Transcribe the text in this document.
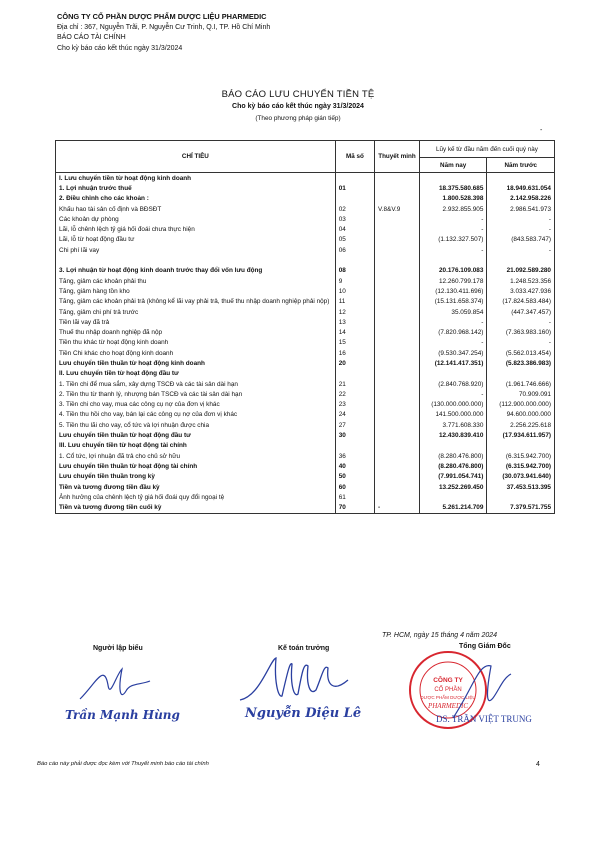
CÔNG TY CỔ PHẦN DƯỢC PHẨM DƯỢC LIỆU PHARMEDIC
Địa chỉ : 367, Nguyễn Trãi, P. Nguyễn Cư Trinh, Q.I, TP. Hồ Chí Minh
BÁO CÁO TÀI CHÍNH
Cho kỳ báo cáo kết thúc ngày 31/3/2024
BÁO CÁO LƯU CHUYỂN TIỀN TỆ
Cho kỳ báo cáo kết thúc ngày 31/3/2024
(Theo phương pháp gián tiếp)
-
CHỈ TIÊU	Mã số	Thuyết minh	Lũy kế từ đầu năm đến cuối quý này	
			Năm nay	Năm trước
I. Lưu chuyển tiền từ hoạt động kinh doanh				
1. Lợi nhuận trước thuế	01		18.375.580.685	18.949.631.054
2. Điều chỉnh cho các khoản :			1.800.528.398	2.142.958.226
Khấu hao tài sản cố định và BĐSĐT	02	V.8&V.9	2.932.855.905	2.986.541.973
Các khoản dự phòng	03		-	-
Lãi, lỗ chênh lệch tỷ giá hối đoái chưa thực hiện	04		-	-
Lãi, lỗ từ hoạt động đầu tư	05		(1.132.327.507)	(843.583.747)
Chi phí lãi vay	06		-	-

3. Lợi nhuận từ hoạt động kinh doanh trước thay đổi vốn lưu động	08		20.176.109.083	21.092.589.280
Tăng, giảm các khoản phải thu	9		12.260.799.178	1.248.523.356
Tăng, giảm hàng tồn kho	10		(12.130.411.696)	3.033.427.936
Tăng, giảm các khoản phải trả (không kể lãi vay phải trả, thuế thu nhập doanh nghiệp phải nộp)	11		(15.131.658.374)	(17.824.583.484)
Tăng, giảm chi phí trả trước	12		35.059.854	(447.347.457)
Tiền lãi vay đã trả	13		-	-
Thuế thu nhập doanh nghiệp đã nộp	14		(7.820.968.142)	(7.363.983.160)
Tiền thu khác từ hoạt động kinh doanh	15		-	-
Tiền Chi khác cho hoạt động kinh doanh	16		(9.530.347.254)	(5.562.013.454)
Lưu chuyển tiền thuần từ hoạt động kinh doanh	20		(12.141.417.351)	(5.823.386.983)
II. Lưu chuyển tiền từ hoạt động đầu tư				
1. Tiền chi để mua sắm, xây dựng TSCĐ và các tài sản dài hạn	21		(2.840.768.920)	(1.961.746.666)
2. Tiền thu từ thanh lý, nhượng bán TSCĐ và các tài sản dài hạn	22		-	70.909.091
3. Tiền chi cho vay, mua các công cụ nợ của đơn vị khác	23		(130.000.000.000)	(112.900.000.000)
4. Tiền thu hồi cho vay, bán lại các công cụ nợ của đơn vị khác	24		141.500.000.000	94.600.000.000
5. Tiền thu lãi cho vay, cổ tức và lợi nhuận được chia	27		3.771.608.330	2.256.225.618
Lưu chuyển tiền thuần từ hoạt động đầu tư	30		12.430.839.410	(17.934.611.957)
III. Lưu chuyển tiền từ hoạt động tài chính				
1. Cổ tức, lợi nhuận đã trả cho chủ sở hữu	36		(8.280.476.800)	(6.315.942.700)
Lưu chuyển tiền thuần từ hoạt động tài chính	40		(8.280.476.800)	(6.315.942.700)
Lưu chuyển tiền thuần trong kỳ	50		(7.991.054.741)	(30.073.941.640)
Tiền và tương đương tiền đầu kỳ	60		13.252.269.450	37.453.513.395
Ảnh hưởng của chênh lệch tỷ giá hối đoái quy đổi ngoại tệ	61			
Tiền và tương đương tiền cuối kỳ	70	-	5.261.214.709	7.379.571.755
TP. HCM, ngày 15 tháng 4 năm 2024
Người lập biểu	Kế toán trưởng	Tổng Giám Đốc
Trần Mạnh Hùng	Nguyễn Diệu Lê
CÔNG TY
CỔ PHẦN
DƯỢC PHẨM DƯỢC LIỆU
PHARMEDIC
DS. TRẦN VIỆT TRUNG
Báo cáo này phải được đọc kèm với Thuyết minh báo cáo tài chính	4
